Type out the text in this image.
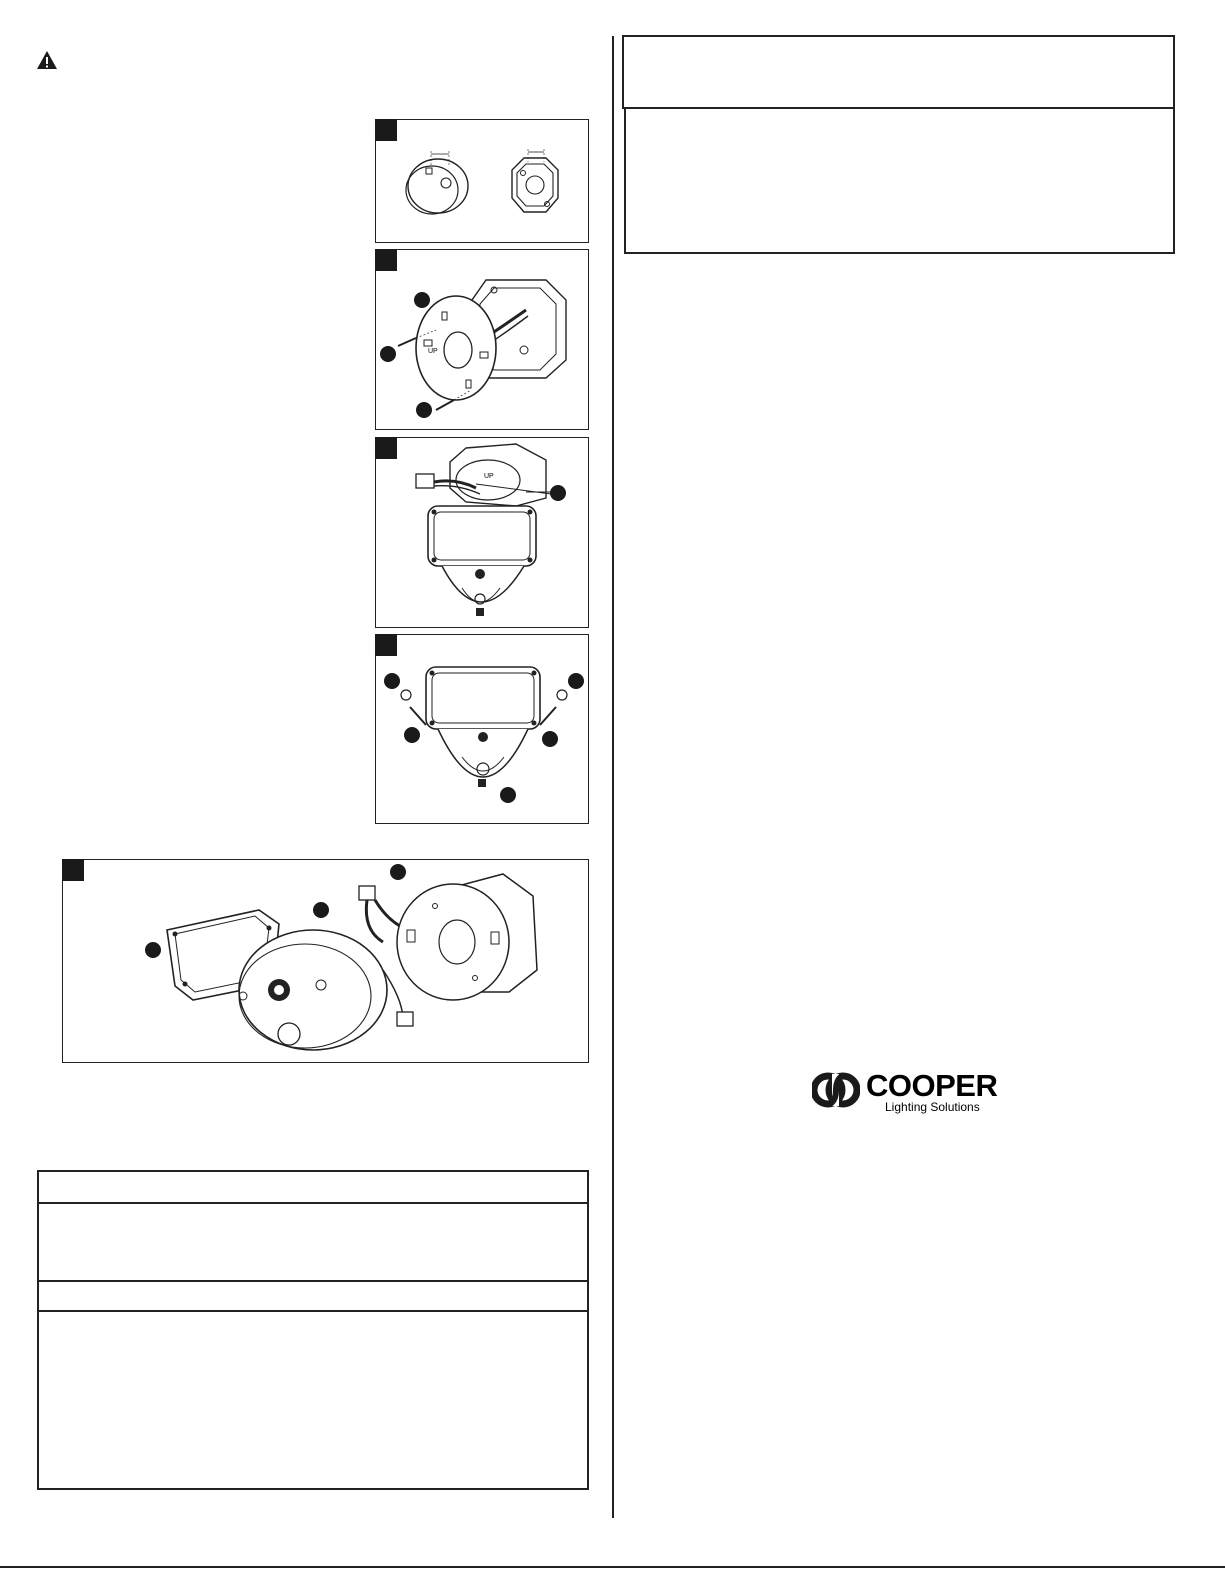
UP
UP
COOPER
Lighting Solutions
